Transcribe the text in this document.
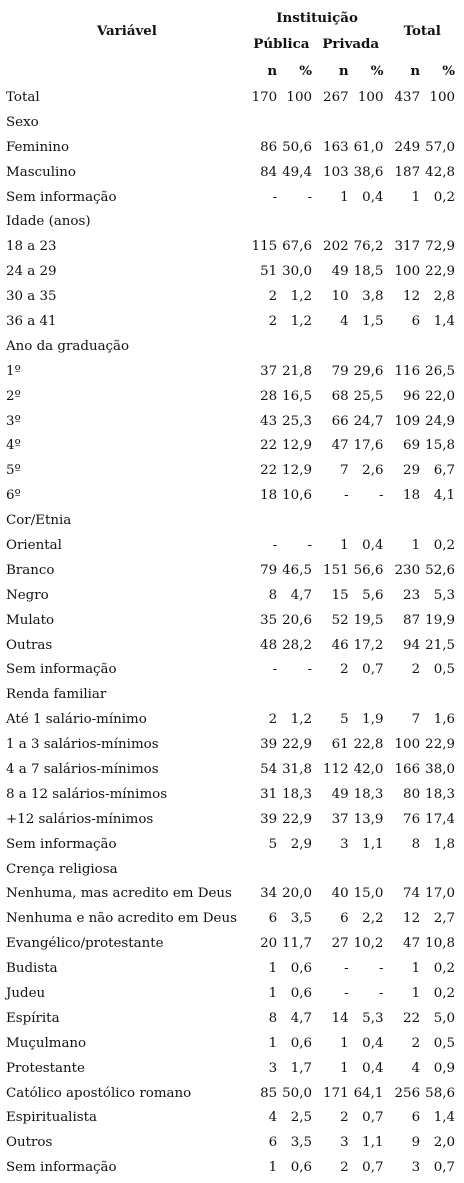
Variável	Instituição				Total	
	Pública		Privada			
	n	%	n	%	n	%
Total	170	100	267	100	437	100
Sexo						
Feminino	86	50,6	163	61,0	249	57,0
Masculino	84	49,4	103	38,6	187	42,8
Sem informação	-	-	1	0,4	1	0,2
Idade (anos)						
18 a 23	115	67,6	202	76,2	317	72,9
24 a 29	51	30,0	49	18,5	100	22,9
30 a 35	2	1,2	10	3,8	12	2,8
36 a 41	2	1,2	4	1,5	6	1,4
Ano da graduação						
1º	37	21,8	79	29,6	116	26,5
2º	28	16,5	68	25,5	96	22,0
3º	43	25,3	66	24,7	109	24,9
4º	22	12,9	47	17,6	69	15,8
5º	22	12,9	7	2,6	29	6,7
6º	18	10,6	-	-	18	4,1
Cor/Etnia						
Oriental	-	-	1	0,4	1	0,2
Branco	79	46,5	151	56,6	230	52,6
Negro	8	4,7	15	5,6	23	5,3
Mulato	35	20,6	52	19,5	87	19,9
Outras	48	28,2	46	17,2	94	21,5
Sem informação	-	-	2	0,7	2	0,5
Renda familiar						
Até 1 salário-mínimo	2	1,2	5	1,9	7	1,6
1 a 3 salários-mínimos	39	22,9	61	22,8	100	22,9
4 a 7 salários-mínimos	54	31,8	112	42,0	166	38,0
8 a 12 salários-mínimos	31	18,3	49	18,3	80	18,3
+12 salários-mínimos	39	22,9	37	13,9	76	17,4
Sem informação	5	2,9	3	1,1	8	1,8
Crença religiosa						
Nenhuma, mas acredito em Deus	34	20,0	40	15,0	74	17,0
Nenhuma e não acredito em Deus	6	3,5	6	2,2	12	2,7
Evangélico/protestante	20	11,7	27	10,2	47	10,8
Budista	1	0,6	-	-	1	0,2
Judeu	1	0,6	-	-	1	0,2
Espírita	8	4,7	14	5,3	22	5,0
Muçulmano	1	0,6	1	0,4	2	0,5
Protestante	3	1,7	1	0,4	4	0,9
Católico apostólico romano	85	50,0	171	64,1	256	58,6
Espiritualista	4	2,5	2	0,7	6	1,4
Outros	6	3,5	3	1,1	9	2,0
Sem informação	1	0,6	2	0,7	3	0,7
